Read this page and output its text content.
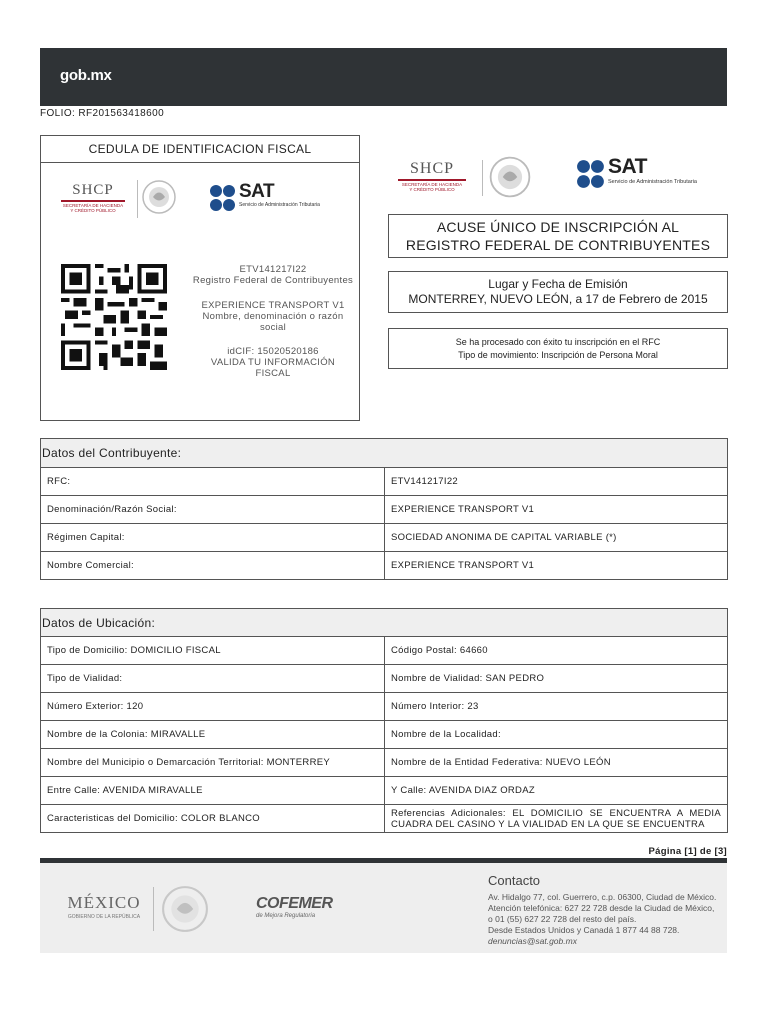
gob.mx
FOLIO: RF201563418600
CEDULA DE IDENTIFICACION FISCAL
SHCP
SECRETARÍA DE HACIENDA
Y CRÉDITO PÚBLICO
SAT
Servicio de Administración Tributaria
ETV141217I22
Registro Federal de Contribuyentes
EXPERIENCE TRANSPORT V1
Nombre, denominación o razón social
idCIF: 15020520186
VALIDA TU INFORMACIÓN FISCAL
SHCP
SECRETARÍA DE HACIENDA
Y CRÉDITO PÚBLICO
SAT
Servicio de Administración Tributaria
ACUSE ÚNICO DE INSCRIPCIÓN AL
REGISTRO FEDERAL DE CONTRIBUYENTES
Lugar y Fecha de Emisión
MONTERREY, NUEVO LEÓN, a 17 de Febrero de 2015
Se ha procesado con éxito tu inscripción en el RFC
Tipo de movimiento: Inscripción de Persona Moral
Datos del Contribuyente:	
RFC:	ETV141217I22
Denominación/Razón Social:	EXPERIENCE TRANSPORT V1
Régimen Capital:	SOCIEDAD ANONIMA DE CAPITAL VARIABLE (*)
Nombre Comercial:	EXPERIENCE TRANSPORT V1
Datos de Ubicación:	
Tipo de Domicilio: DOMICILIO FISCAL	Código Postal: 64660
Tipo de Vialidad:	Nombre de Vialidad: SAN PEDRO
Número Exterior: 120	Número Interior: 23
Nombre de la Colonia: MIRAVALLE	Nombre de la Localidad:
Nombre del Municipio o Demarcación Territorial: MONTERREY	Nombre de la Entidad Federativa: NUEVO LEÓN
Entre Calle: AVENIDA MIRAVALLE	Y Calle: AVENIDA DIAZ ORDAZ
Caracteristicas del Domicilio: COLOR BLANCO	Referencias Adicionales: EL DOMICILIO SE ENCUENTRA A MEDIA CUADRA DEL CASINO Y LA VIALIDAD EN LA QUE SE ENCUENTRA
Página [1] de [3]
MÉXICO
GOBIERNO DE LA REPÚBLICA
COFEMER
de Mejora Regulatoria
Contacto
Av. Hidalgo 77, col. Guerrero, c.p. 06300, Ciudad de México.
Atención telefónica: 627 22 728 desde la Ciudad de México,
o 01 (55) 627 22 728 del resto del país.
Desde Estados Unidos y Canadá 1 877 44 88 728.
denuncias@sat.gob.mx
